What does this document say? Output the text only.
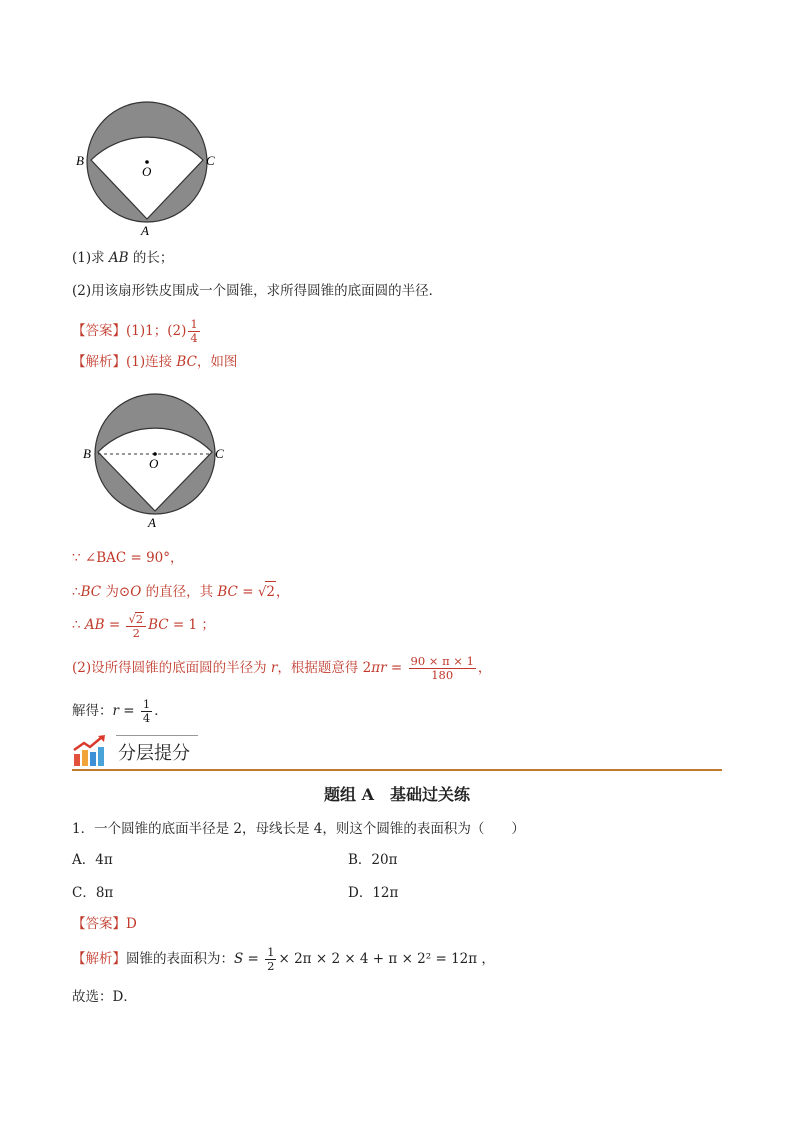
B	C
O
A
(1)求 AB 的长；
(2)用该扇形铁皮围成一个圆锥，求所得圆锥的底面圆的半径．
【答案】(1)1；$(2) \frac{1}{4}$
【解析】(1)连接 BC，如图
B	C
O
A
∵ ∠BAC = 90°，
∴BC 为⊙O 的直径，其 BC = √2，
∴ AB = $\frac{√2}{2}$ BC = 1 ；
(2)设所得圆锥的底面圆的半径为 r，根据题意得 $2\pi r = \frac{90 \times \pi \times 1}{180}$ ，
解得：$r = \frac{1}{4}$ ．
分层提分
题组 A　基础过关练
1．一个圆锥的底面半径是 2，母线长是 4，则这个圆锥的表面积为（　　）
A．4π	B．20π
C．8π	D．12π
【答案】D
【解析】圆锥的表面积为：$S = \frac{1}{2} \times 2\pi \times 2 \times 4 + \pi \times 2^2 = 12\pi$ ，
故选：D．
